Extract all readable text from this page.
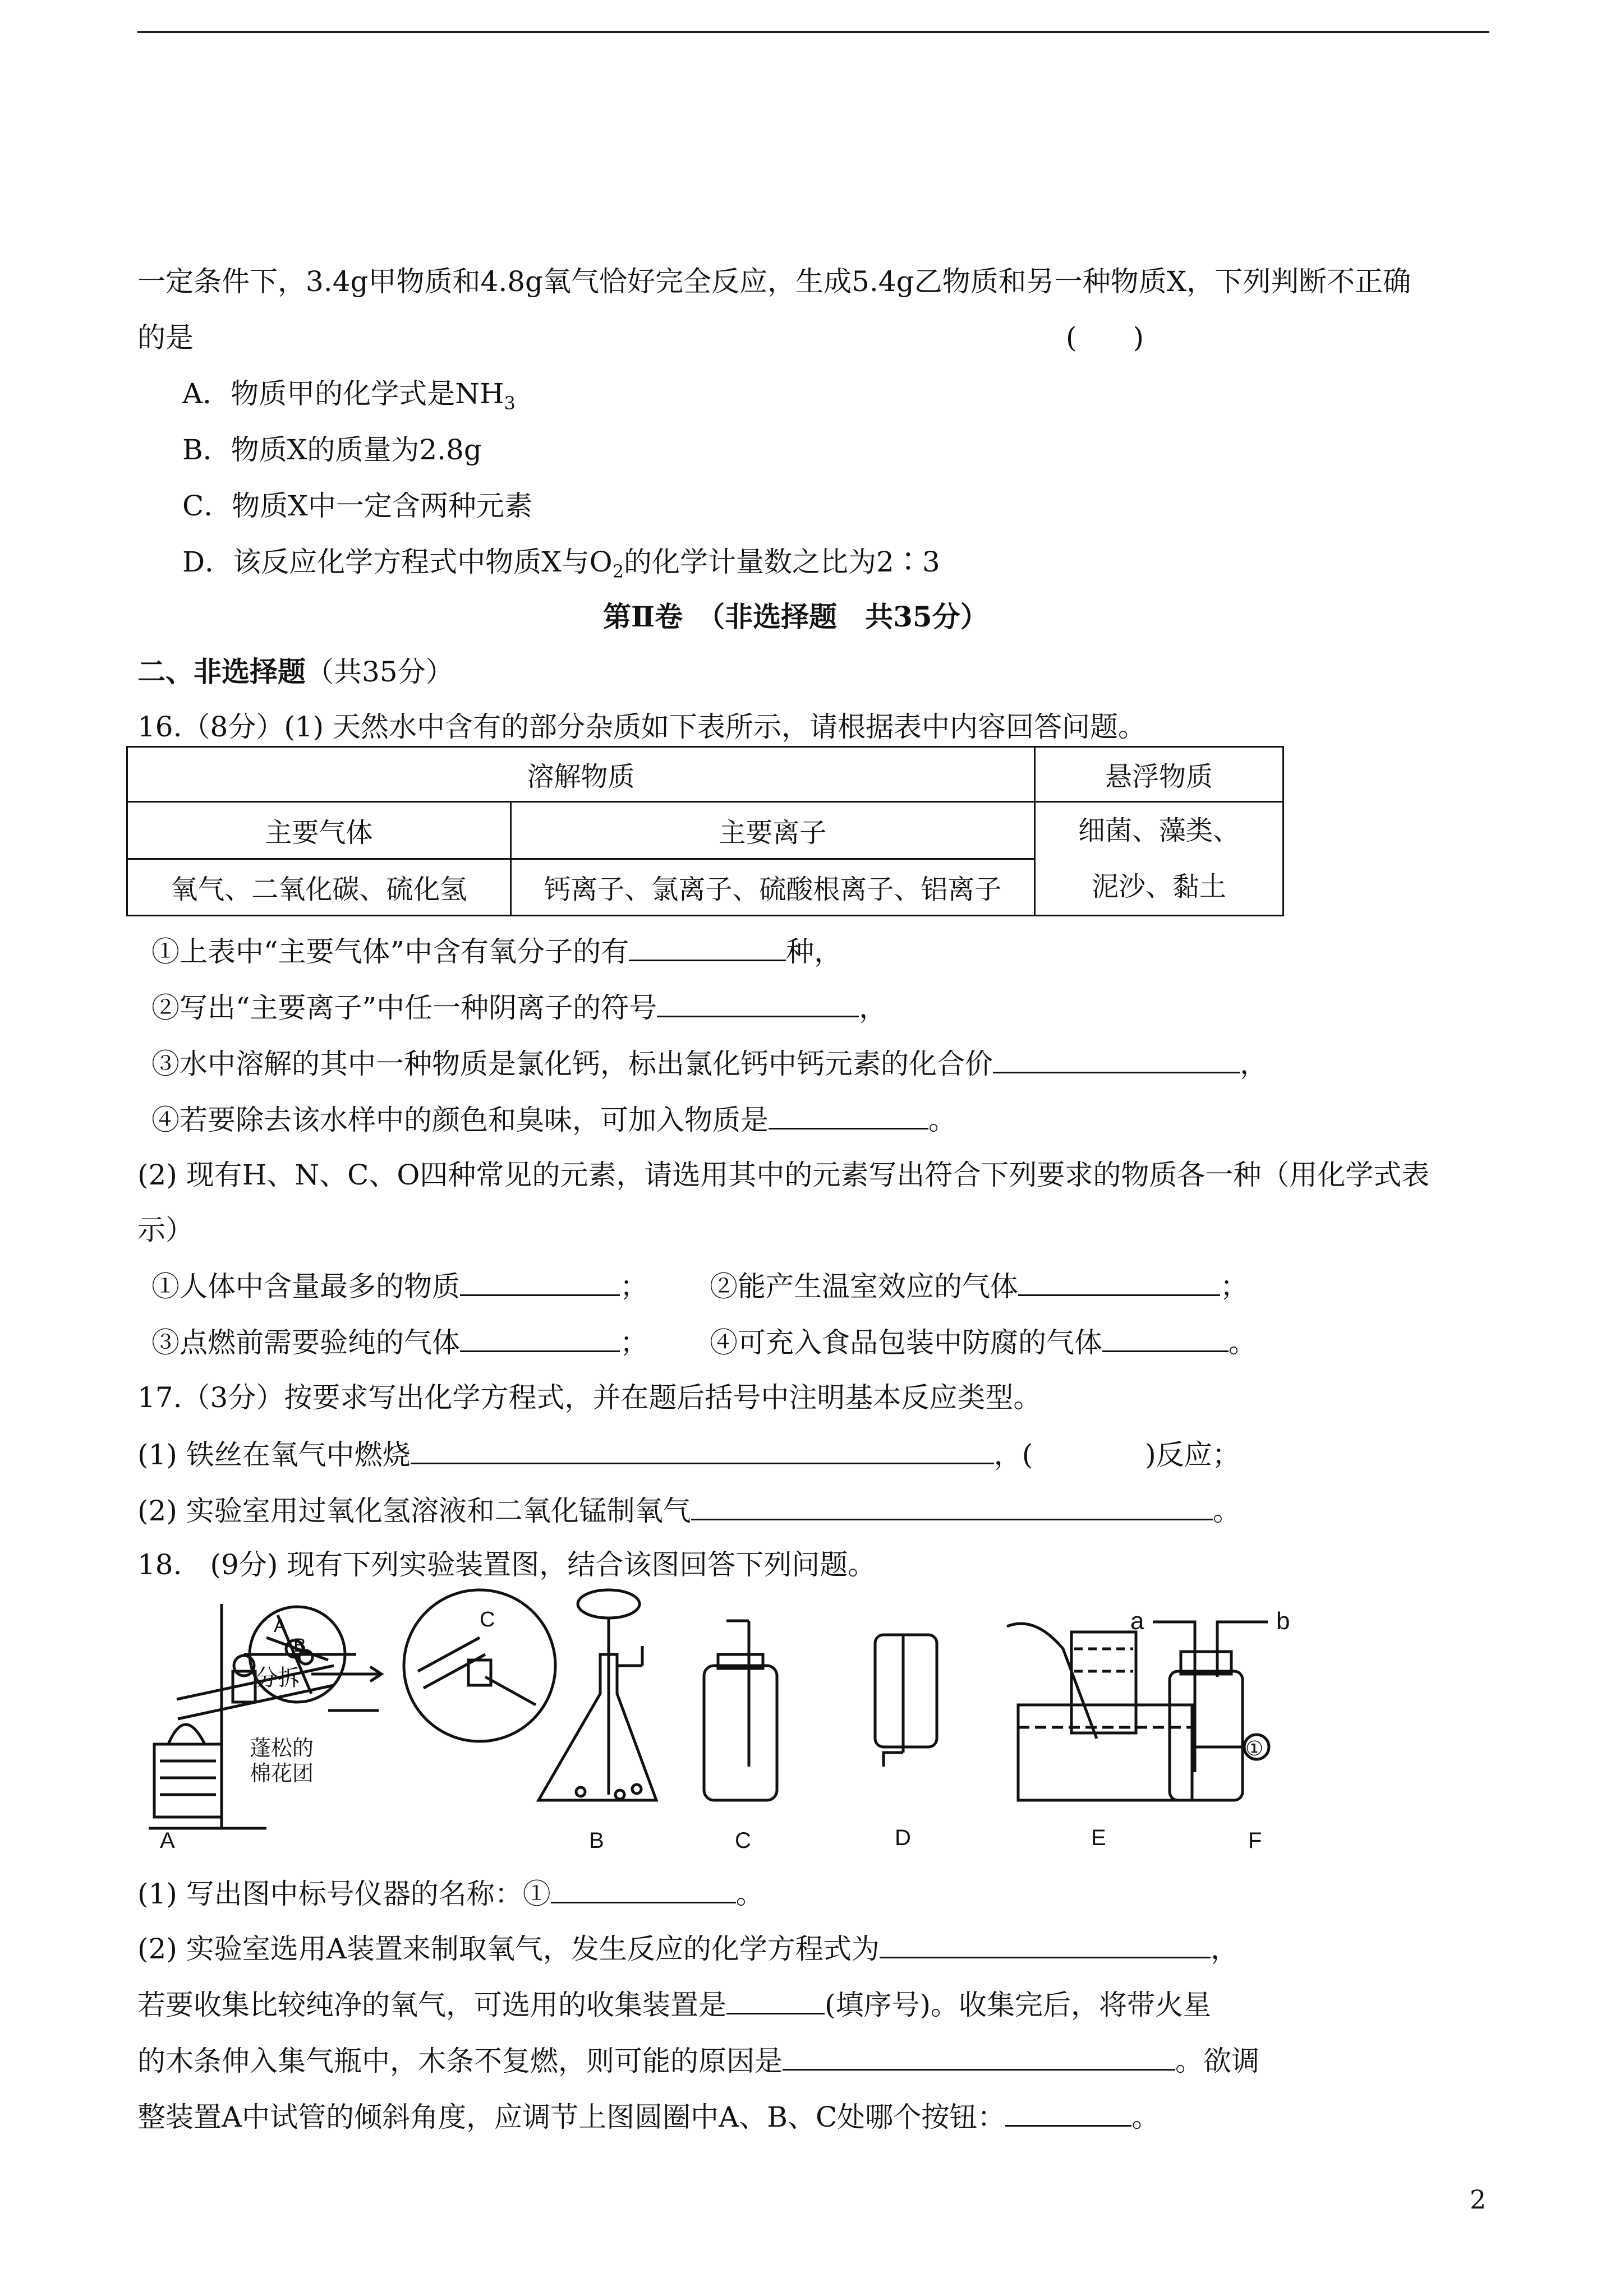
一定条件下，3.4g甲物质和4.8g氧气恰好完全反应，生成5.4g乙物质和另一种物质X，下列判断不正确
的是	(　　)
A．物质甲的化学式是$NH_3$
B．物质X的质量为2.8g
C．物质X中一定含两种元素
D．该反应化学方程式中物质X与$O_2$的化学计量数之比为2∶3
第Ⅱ卷　（非选择题　共35分）
二、非选择题（共35分）
16.（8分）(1) 天然水中含有的部分杂质如下表所示，请根据表中内容回答问题。
溶解物质		悬浮物质
主要气体	主要离子	细菌、藻类、
泥沙、黏土
氧气、二氧化碳、硫化氢	钙离子、氯离子、硫酸根离子、铝离子	
①上表中“主要气体”中含有氧分子的有	种，
②写出“主要离子”中任一种阴离子的符号	，
③水中溶解的其中一种物质是氯化钙，标出氯化钙中钙元素的化合价	，
④若要除去该水样中的颜色和臭味，可加入物质是	。
(2) 现有H、N、C、O四种常见的元素，请选用其中的元素写出符合下列要求的物质各一种（用化学式表
示）
①人体中含量最多的物质	； ②能产生温室效应的气体	；
③点燃前需要验纯的气体	； ④可充入食品包装中防腐的气体	。
17.（3分）按要求写出化学方程式，并在题后括号中注明基本反应类型。
(1) 铁丝在氧气中燃烧	，(　　　　)反应；
(2) 实验室用过氧化氢溶液和二氧化锰制氧气	。
18.　(9分) 现有下列实验装置图，结合该图回答下列问题。
A	B	C	D	E	F
分拆
蓬松的
棉花团
A
B
C
①
a	b
(1) 写出图中标号仪器的名称：①	。
(2) 实验室选用A装置来制取氧气，发生反应的化学方程式为	，
若要收集比较纯净的氧气，可选用的收集装置是	(填序号)。收集完后，将带火星
的木条伸入集气瓶中，木条不复燃，则可能的原因是	。欲调
整装置A中试管的倾斜角度，应调节上图圆圈中A、B、C处哪个按钮：	。
2
